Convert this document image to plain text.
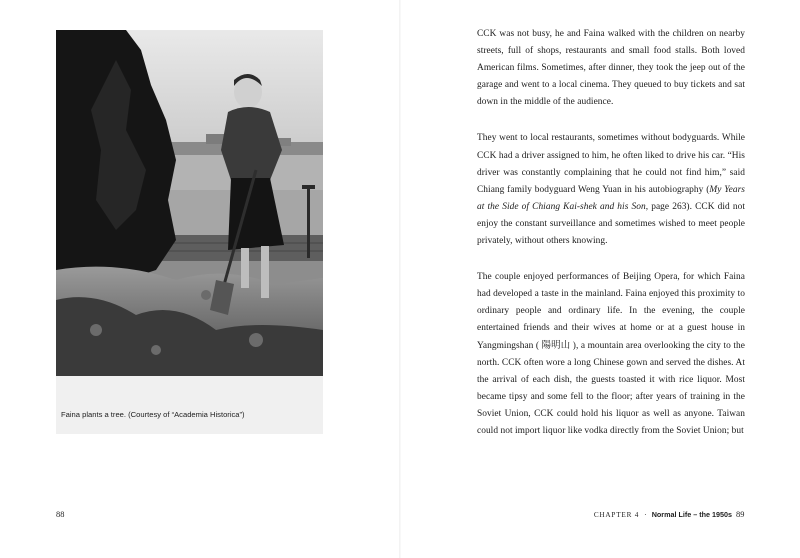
Faina plants a tree. (Courtesy of “Academia Historica”)
88

CCK was not busy, he and Faina walked with the children on nearby streets, full of shops, restaurants and small food stalls. Both loved American films. Sometimes, after dinner, they took the jeep out of the garage and went to a local cinema. They queued to buy tickets and sat down in the middle of the audience.

They went to local restaurants, sometimes without bodyguards. While CCK had a driver assigned to him, he often liked to drive his car. “His driver was constantly complaining that he could not find him,” said Chiang family bodyguard Weng Yuan in his autobiography (My Years at the Side of Chiang Kai-shek and his Son, page 263). CCK did not enjoy the constant surveillance and sometimes wished to meet people privately, without others knowing.

The couple enjoyed performances of Beijing Opera, for which Faina had developed a taste in the mainland. Faina enjoyed this proximity to ordinary people and ordinary life. In the evening, the couple entertained friends and their wives at home or at a guest house in Yangmingshan ( 陽明山 ), a mountain area overlooking the city to the north. CCK often wore a long Chinese gown and served the dishes. At the arrival of each dish, the guests toasted it with rice liquor. Most became tipsy and some fell to the floor; after years of training in the Soviet Union, CCK could hold his liquor as well as anyone. Taiwan could not import liquor like vodka directly from the Soviet Union; but

CHAPTER 4 · Normal Life – the 1950s 89
